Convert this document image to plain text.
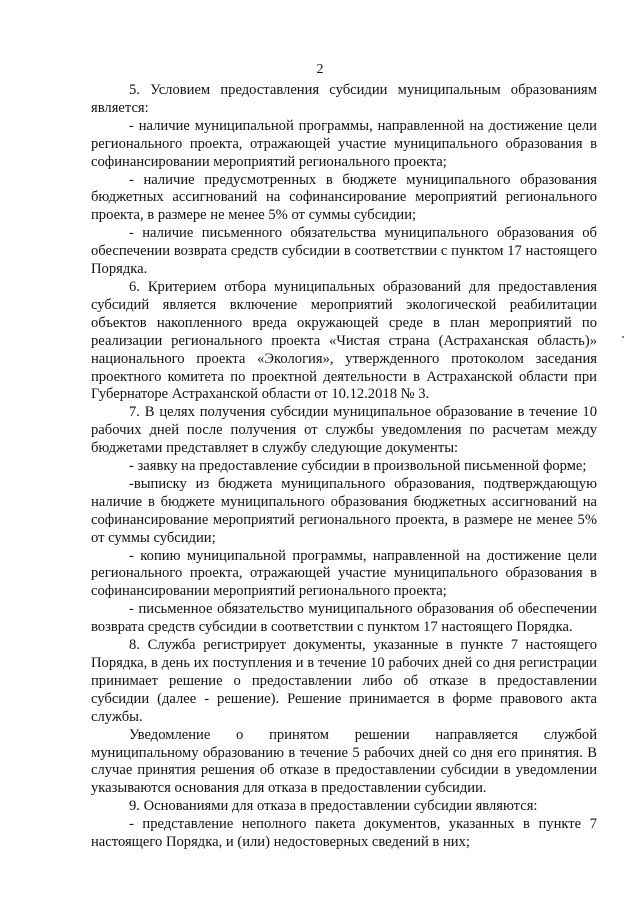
2

5. Условием предоставления субсидии муниципальным образованиям является:

- наличие муниципальной программы, направленной на достижение цели регионального проекта, отражающей участие муниципального образования в софинансировании мероприятий регионального проекта;

- наличие предусмотренных в бюджете муниципального образования бюджетных ассигнований на софинансирование мероприятий регионального проекта, в размере не менее 5% от суммы субсидии;

- наличие письменного обязательства муниципального образования об обеспечении возврата средств субсидии в соответствии с пунктом 17 настоящего Порядка.

6. Критерием отбора муниципальных образований для предоставления субсидий является включение мероприятий экологической реабилитации объектов накопленного вреда окружающей среде в план мероприятий по реализации регионального проекта «Чистая страна (Астраханская область)» национального проекта «Экология», утвержденного протоколом заседания проектного комитета по проектной деятельности в Астраханской области при Губернаторе Астраханской области от 10.12.2018 № 3.

7. В целях получения субсидии муниципальное образование в течение 10 рабочих дней после получения от службы уведомления по расчетам между бюджетами представляет в службу следующие документы:

- заявку на предоставление субсидии в произвольной письменной форме;

-выписку из бюджета муниципального образования, подтверждающую наличие в бюджете муниципального образования бюджетных ассигнований на софинансирование мероприятий регионального проекта, в размере не менее 5% от суммы субсидии;

- копию муниципальной программы, направленной на достижение цели регионального проекта, отражающей участие муниципального образования в софинансировании мероприятий регионального проекта;

- письменное обязательство муниципального образования об обеспечении возврата средств субсидии в соответствии с пунктом 17 настоящего Порядка.

8. Служба регистрирует документы, указанные в пункте 7 настоящего Порядка, в день их поступления и в течение 10 рабочих дней со дня регистрации принимает решение о предоставлении либо об отказе в предоставлении субсидии (далее - решение). Решение принимается в форме правового акта службы.

Уведомление о принятом решении направляется службой муниципальному образованию в течение 5 рабочих дней со дня его принятия. В случае принятия решения об отказе в предоставлении субсидии в уведомлении указываются основания для отказа в предоставлении субсидии.

9. Основаниями для отказа в предоставлении субсидии являются:

- представление неполного пакета документов, указанных в пункте 7 настоящего Порядка, и (или) недостоверных сведений в них;
